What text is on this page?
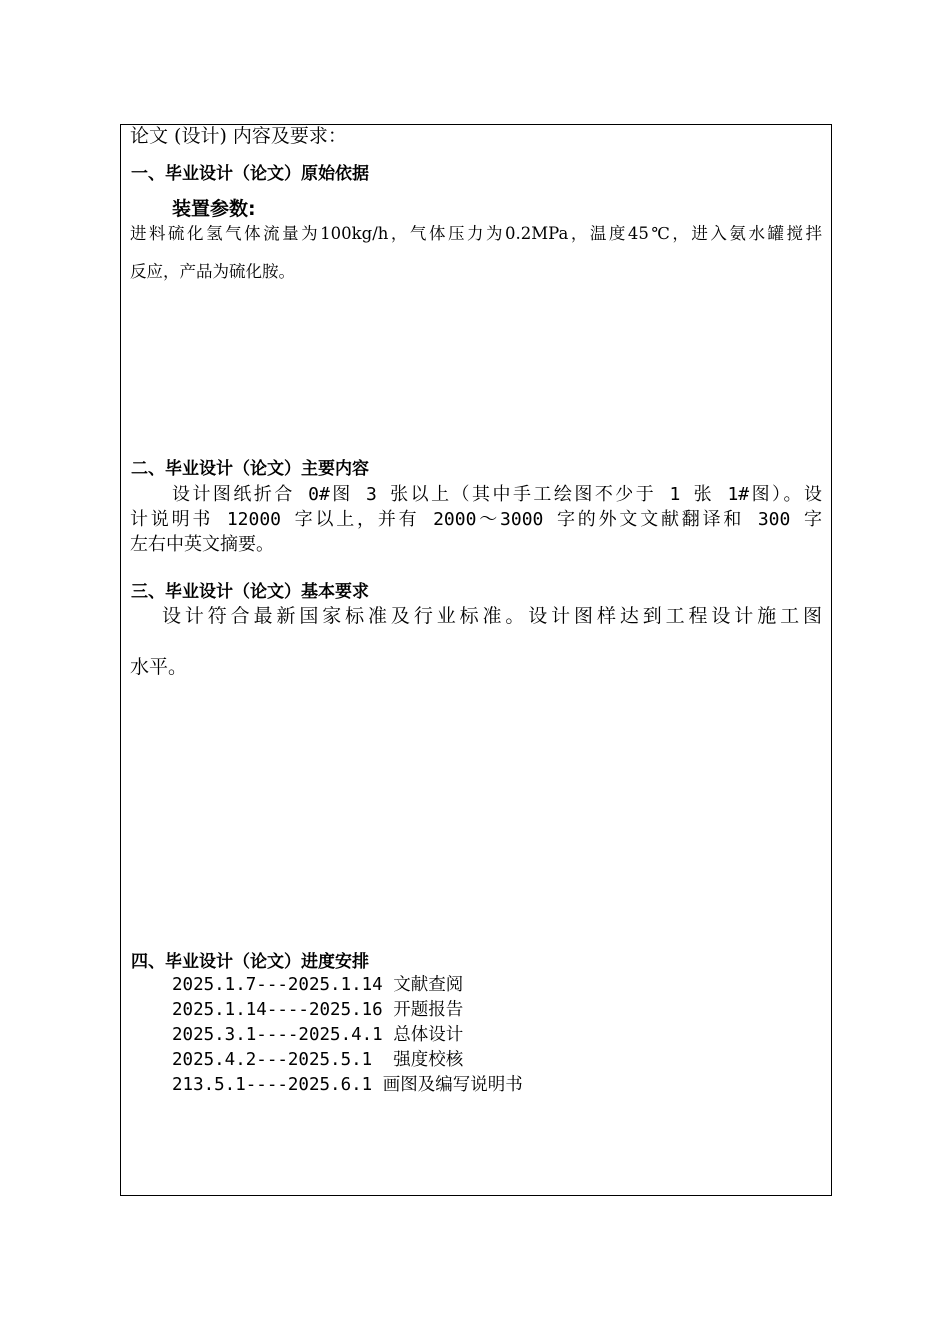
论文 (设计) 内容及要求：
一、毕业设计（论文）原始依据
装置参数:
进料硫化氢气体流量为100kg/h，气体压力为0.2MPa，温度45℃，进入氨水罐搅拌
反应，产品为硫化胺。
二、毕业设计（论文）主要内容
设计图纸折合 0#图 3 张以上（其中手工绘图不少于 1 张 1#图）。设
计说明书 12000 字以上，并有 2000～3000 字的外文文献翻译和 300 字
左右中英文摘要。
三、毕业设计（论文）基本要求
设计符合最新国家标准及行业标准。设计图样达到工程设计施工图
水平。
四、毕业设计（论文）进度安排
2025.1.7---2025.1.14 文献查阅
2025.1.14----2025.16 开题报告
2025.3.1----2025.4.1 总体设计
2025.4.2---2025.5.1  强度校核
213.5.1----2025.6.1 画图及编写说明书
